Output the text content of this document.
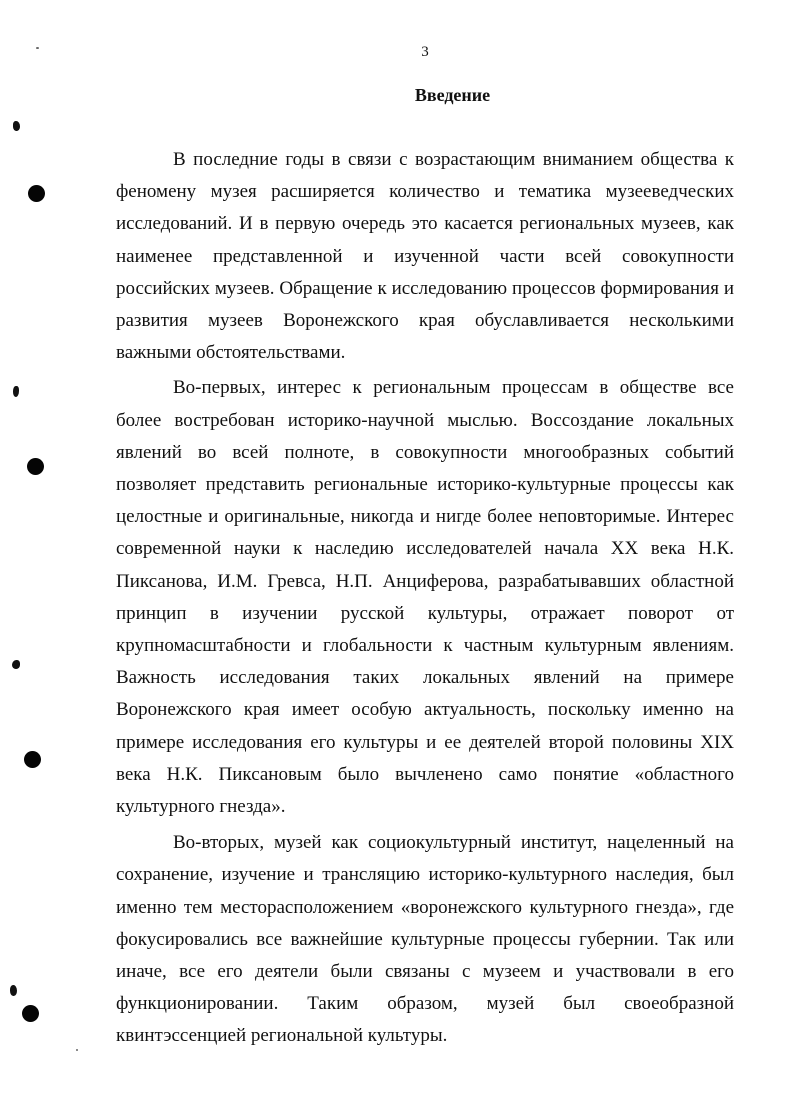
3
Введение

В последние годы в связи с возрастающим вниманием общества к феномену музея расширяется количество и тематика музееведческих исследований. И в первую очередь это касается региональных музеев, как наименее представленной и изученной части всей совокупности российских музеев. Обращение к исследованию процессов формирования и развития музеев Воронежского края обуславливается несколькими важными обстоятельствами.

Во-первых, интерес к региональным процессам в обществе все более востребован историко-научной мыслью. Воссоздание локальных явлений во всей полноте, в совокупности многообразных событий позволяет представить региональные историко-культурные процессы как целостные и оригинальные, никогда и нигде более неповторимые. Интерес современной науки к наследию исследователей начала XX века Н.К. Пиксанова, И.М. Гревса, Н.П. Анциферова, разрабатывавших областной принцип в изучении русской культуры, отражает поворот от крупномасштабности и глобальности к частным культурным явлениям. Важность исследования таких локальных явлений на примере Воронежского края имеет особую актуальность, поскольку именно на примере исследования его культуры и ее деятелей второй половины XIX века Н.К. Пиксановым было вычленено само понятие «областного культурного гнезда».

Во-вторых, музей как социокультурный институт, нацеленный на сохранение, изучение и трансляцию историко-культурного наследия, был именно тем месторасположением «воронежского культурного гнезда», где фокусировались все важнейшие культурные процессы губернии. Так или иначе, все его деятели были связаны с музеем и участвовали в его функционировании. Таким образом, музей был своеобразной квинтэссенцией региональной культуры.
